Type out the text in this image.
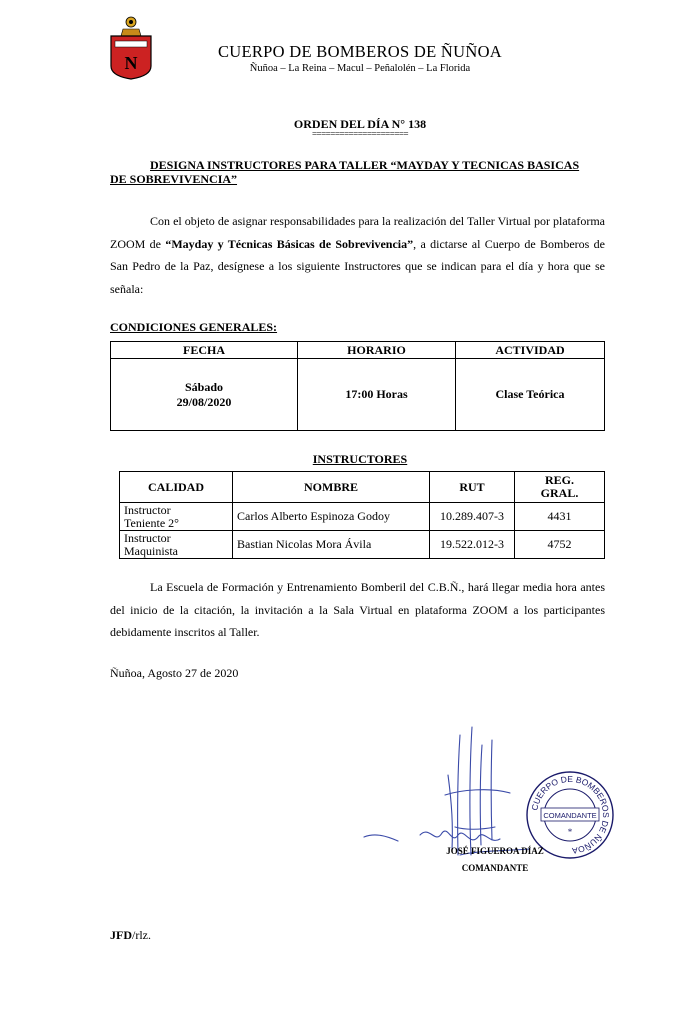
N
CUERPO DE BOMBEROS DE ÑUÑOA
Ñuñoa – La Reina – Macul – Peñalolén – La Florida
ORDEN DEL DÍA N° 138
=====================
DESIGNA INSTRUCTORES PARA TALLER “MAYDAY Y TECNICAS BASICAS
DE SOBREVIVENCIA”
Con el objeto de asignar responsabilidades para la realización del Taller Virtual por plataforma ZOOM de “Mayday y Técnicas Básicas de Sobrevivencia”, a dictarse al Cuerpo de Bomberos de San Pedro de la Paz, desígnese a los siguiente Instructores que se indican para el día y hora que se señala:
CONDICIONES GENERALES:
FECHA	HORARIO	ACTIVIDAD
Sábado
29/08/2020	17:00 Horas	Clase Teórica
INSTRUCTORES
CALIDAD	NOMBRE	RUT	REG.
GRAL.
Instructor
Teniente 2°	Carlos Alberto Espinoza Godoy	10.289.407-3	4431
Instructor
Maquinista	Bastian Nicolas Mora Ávila	19.522.012-3	4752
La Escuela de Formación y Entrenamiento Bomberil del C.B.Ñ., hará llegar media hora antes del inicio de la citación, la invitación a la Sala Virtual en plataforma ZOOM a los participantes debidamente inscritos al Taller.
Ñuñoa, Agosto 27 de 2020
CUERPO DE BOMBEROS DE ÑUÑOA
COMANDANTE
*
JOSÉ FIGUEROA DÍAZ
COMANDANTE
JFD/rlz.
